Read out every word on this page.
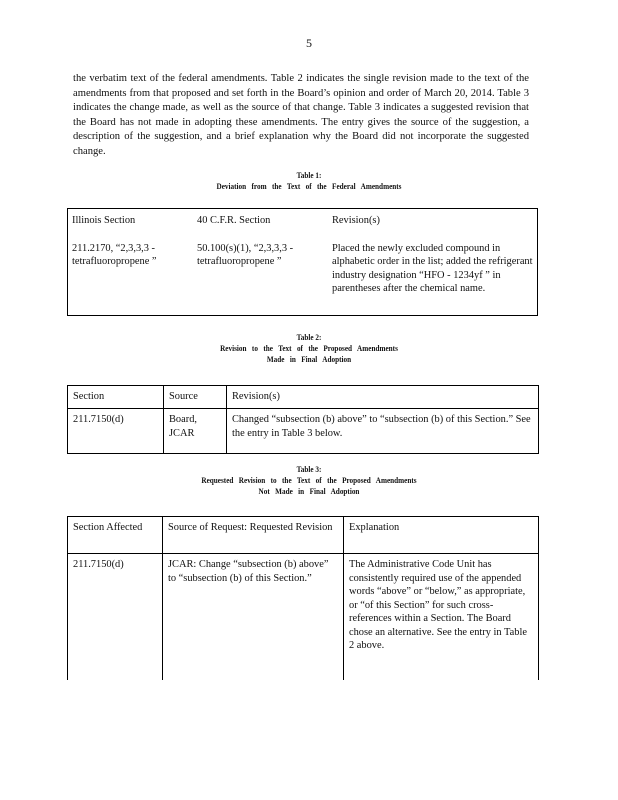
5
the verbatim text of the federal amendments. Table 2 indicates the single revision made to the text of the amendments from that proposed and set forth in the Board’s opinion and order of March 20, 2014. Table 3 indicates the change made, as well as the source of that change. Table 3 indicates a suggested revision that the Board has not made in adopting these amendments. The entry gives the source of the suggestion, a description of the suggestion, and a brief explanation why the Board did not incorporate the suggested change.
Table 1:
Deviation   from   the   Text   of   the   Federal   Amendments
Illinois Section	40 C.F.R. Section	Revision(s)
211.2170, “2,3,3,3 - tetrafluoropropene ”	50.100(s)(1), “2,3,3,3 - tetrafluoropropene ”	Placed the newly excluded compound in alphabetic order in the list; added the refrigerant industry designation “HFO - 1234yf ” in parentheses after the chemical name.
Table 2:
Revision   to   the   Text   of   the   Proposed   Amendments
Made   in   Final   Adoption
Section	Source	Revision(s)
211.7150(d)	Board, JCAR	Changed “subsection (b) above” to “subsection (b) of this Section.” See the entry in Table 3 below.
Table 3:
Requested   Revision   to   the   Text   of   the   Proposed   Amendments
Not   Made   in   Final   Adoption
Section Affected	Source of Request: Requested Revision	Explanation
211.7150(d)	JCAR: Change “subsection (b) above” to “subsection (b) of this Section.”	The Administrative Code Unit has consistently required use of the appended words “above” or “below,” as appropriate, or “of this Section” for such cross-references within a Section. The Board chose an alternative. See the entry in Table 2 above.
